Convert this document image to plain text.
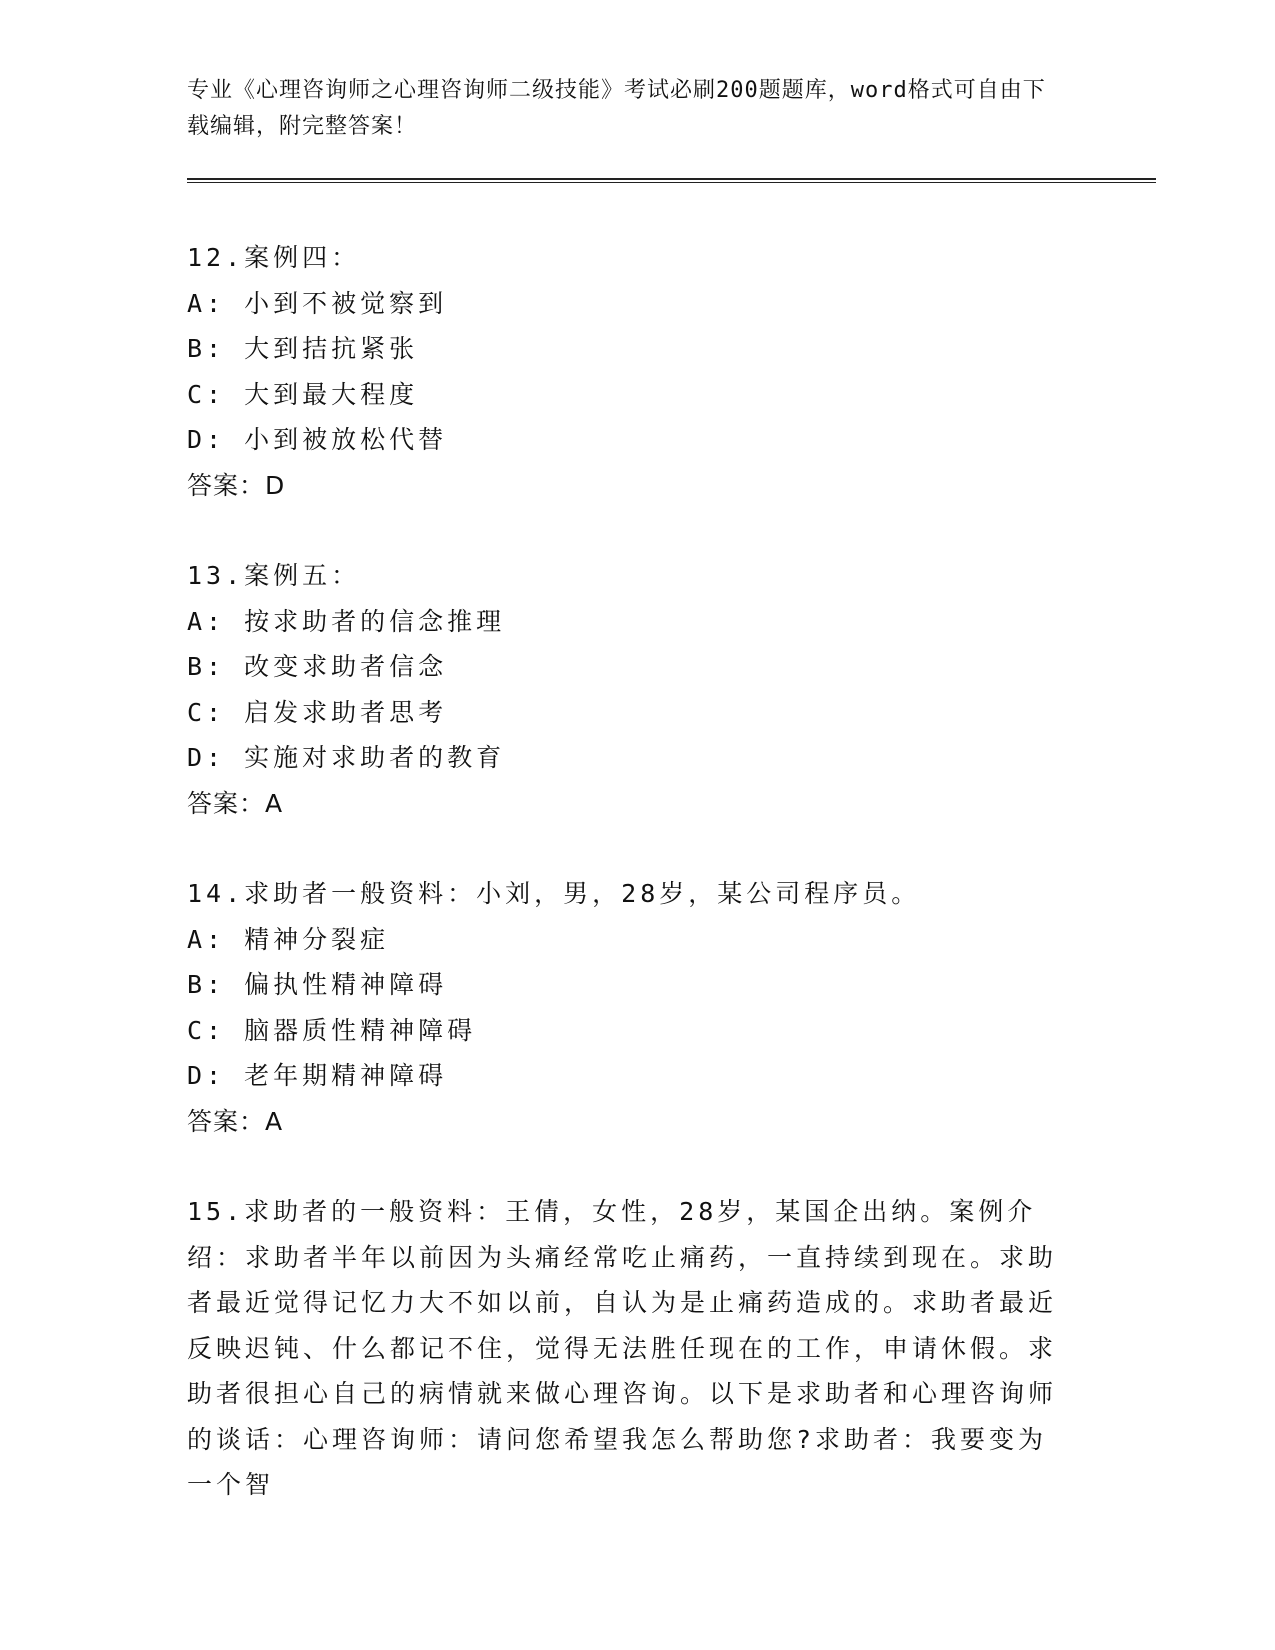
专业《心理咨询师之心理咨询师二级技能》考试必刷200题题库，word格式可自由下载编辑，附完整答案！
12.案例四：
A: 小到不被觉察到
B: 大到拮抗紧张
C: 大到最大程度
D: 小到被放松代替
答案：D
13.案例五：
A: 按求助者的信念推理
B: 改变求助者信念
C: 启发求助者思考
D: 实施对求助者的教育
答案：A
14.求助者一般资料：小刘，男，28岁，某公司程序员。
A: 精神分裂症
B: 偏执性精神障碍
C: 脑器质性精神障碍
D: 老年期精神障碍
答案：A
15.求助者的一般资料：王倩，女性，28岁，某国企出纳。案例介绍：求助者半年以前因为头痛经常吃止痛药，一直持续到现在。求助者最近觉得记忆力大不如以前，自认为是止痛药造成的。求助者最近反映迟钝、什么都记不住，觉得无法胜任现在的工作，申请休假。求助者很担心自己的病情就来做心理咨询。以下是求助者和心理咨询师的谈话：心理咨询师：请问您希望我怎么帮助您?求助者：我要变为一个智
